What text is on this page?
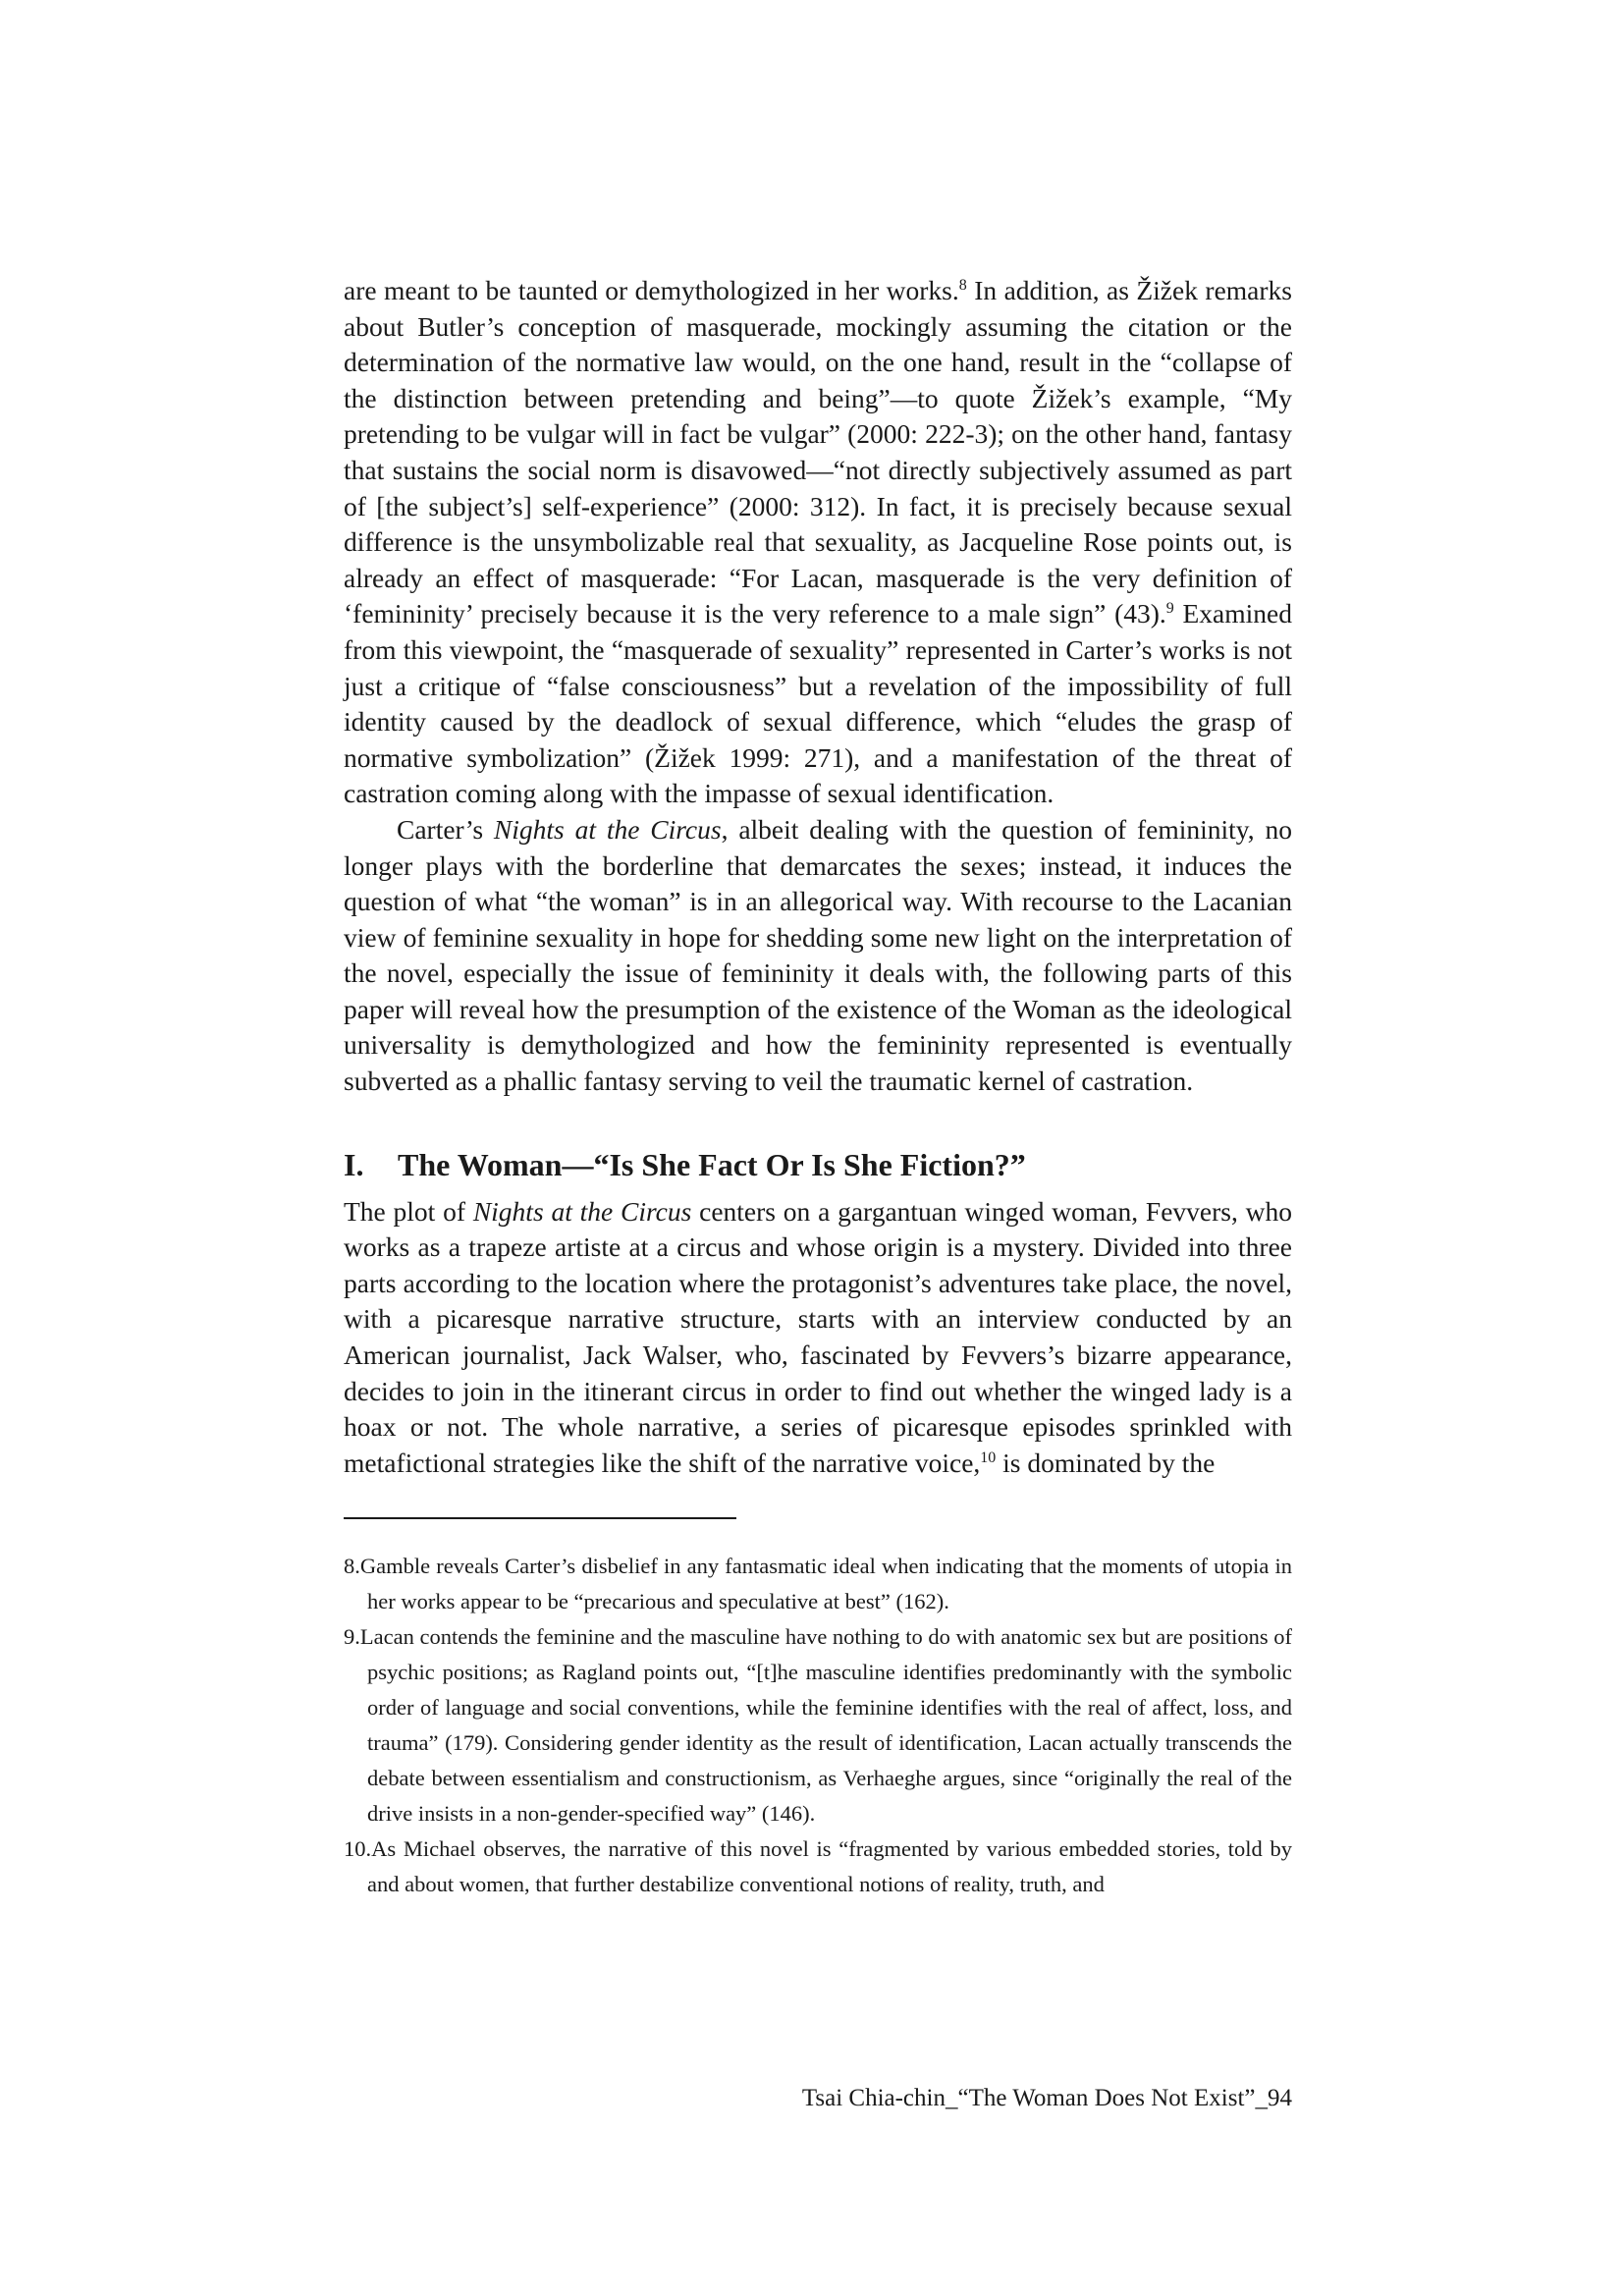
are meant to be taunted or demythologized in her works.$^8$ In addition, as Žižek remarks about Butler’s conception of masquerade, mockingly assuming the citation or the determination of the normative law would, on the one hand, result in the “collapse of the distinction between pretending and being”—to quote Žižek’s example, “My pretending to be vulgar will in fact be vulgar” (2000: 222-3); on the other hand, fantasy that sustains the social norm is disavowed—“not directly subjectively assumed as part of [the subject’s] self-experience” (2000: 312). In fact, it is precisely because sexual difference is the unsymbolizable real that sexuality, as Jacqueline Rose points out, is already an effect of masquerade: “For Lacan, masquerade is the very definition of ‘femininity’ precisely because it is the very reference to a male sign” (43).$^9$ Examined from this viewpoint, the “masquerade of sexuality” represented in Carter’s works is not just a critique of “false consciousness” but a revelation of the impossibility of full identity caused by the deadlock of sexual difference, which “eludes the grasp of normative symbolization” (Žižek 1999: 271), and a manifestation of the threat of castration coming along with the impasse of sexual identification.

Carter’s Nights at the Circus, albeit dealing with the question of femininity, no longer plays with the borderline that demarcates the sexes; instead, it induces the question of what “the woman” is in an allegorical way. With recourse to the Lacanian view of feminine sexuality in hope for shedding some new light on the interpretation of the novel, especially the issue of femininity it deals with, the following parts of this paper will reveal how the presumption of the existence of the Woman as the ideological universality is demythologized and how the femininity represented is eventually subverted as a phallic fantasy serving to veil the traumatic kernel of castration.

I.	The Woman—“Is She Fact Or Is She Fiction?”

The plot of Nights at the Circus centers on a gargantuan winged woman, Fevvers, who works as a trapeze artiste at a circus and whose origin is a mystery. Divided into three parts according to the location where the protagonist’s adventures take place, the novel, with a picaresque narrative structure, starts with an interview conducted by an American journalist, Jack Walser, who, fascinated by Fevvers’s bizarre appearance, decides to join in the itinerant circus in order to find out whether the winged lady is a hoax or not. The whole narrative, a series of picaresque episodes sprinkled with metafictional strategies like the shift of the narrative voice,$^{10}$ is dominated by the

8.Gamble reveals Carter’s disbelief in any fantasmatic ideal when indicating that the moments of utopia in her works appear to be “precarious and speculative at best” (162).

9.Lacan contends the feminine and the masculine have nothing to do with anatomic sex but are positions of psychic positions; as Ragland points out, “[t]he masculine identifies predominantly with the symbolic order of language and social conventions, while the feminine identifies with the real of affect, loss, and trauma” (179). Considering gender identity as the result of identification, Lacan actually transcends the debate between essentialism and constructionism, as Verhaeghe argues, since “originally the real of the drive insists in a non-gender-specified way” (146).

10.As Michael observes, the narrative of this novel is “fragmented by various embedded stories, told by and about women, that further destabilize conventional notions of reality, truth, and

Tsai Chia-chin_“The Woman Does Not Exist”_94
